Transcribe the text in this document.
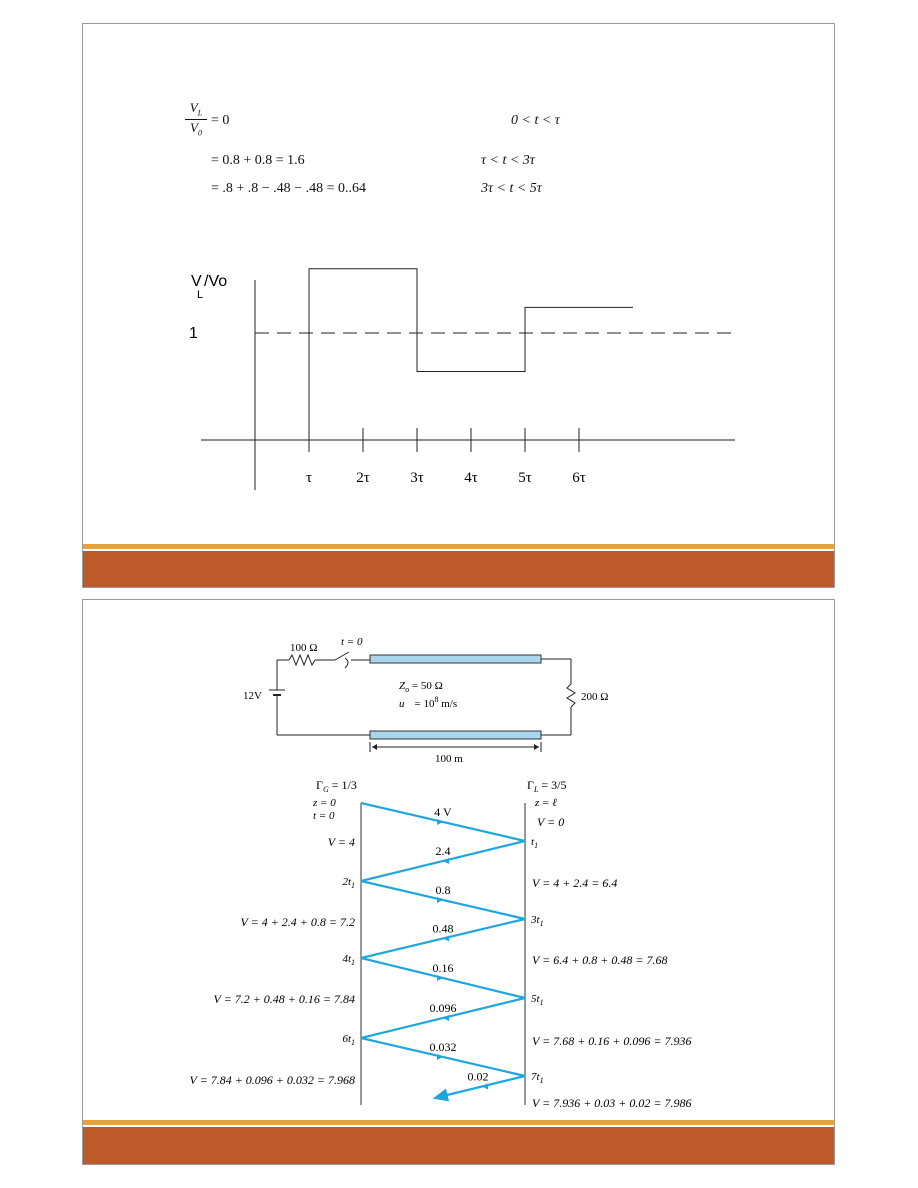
$\frac{V_L}{V_0} = 0$	0 < t < τ
= 0.8 + 0.8 = 1.6	τ < t < 3τ
= .8 + .8 − .48 − .48 = 0..64	3τ < t < 5τ
V
L
/Vo
1
τ	2τ	3τ	4τ	5τ	6τ
100 Ω t = 0
12V
$Z_o = 50$ Ω
$u = 10^8$ m/s
200 Ω
100 m
$\Gamma_G = 1/3$	$\Gamma_L = 3/5$
z = 0
t = 0
z = ℓ
V = 0
4 V
2.4
0.8
0.48
0.16
0.096
0.032
0.02
$2t_1$
$4t_1$
$6t_1$
$t_1$
$3t_1$
$5t_1$
$7t_1$
V = 4
V = 4 + 2.4 + 0.8 = 7.2
V = 7.2 + 0.48 + 0.16 = 7.84
V = 7.84 + 0.096 + 0.032 = 7.968
V = 4 + 2.4 = 6.4
V = 6.4 + 0.8 + 0.48 = 7.68
V = 7.68 + 0.16 + 0.096 = 7.936
V = 7.936 + 0.03 + 0.02 = 7.986
